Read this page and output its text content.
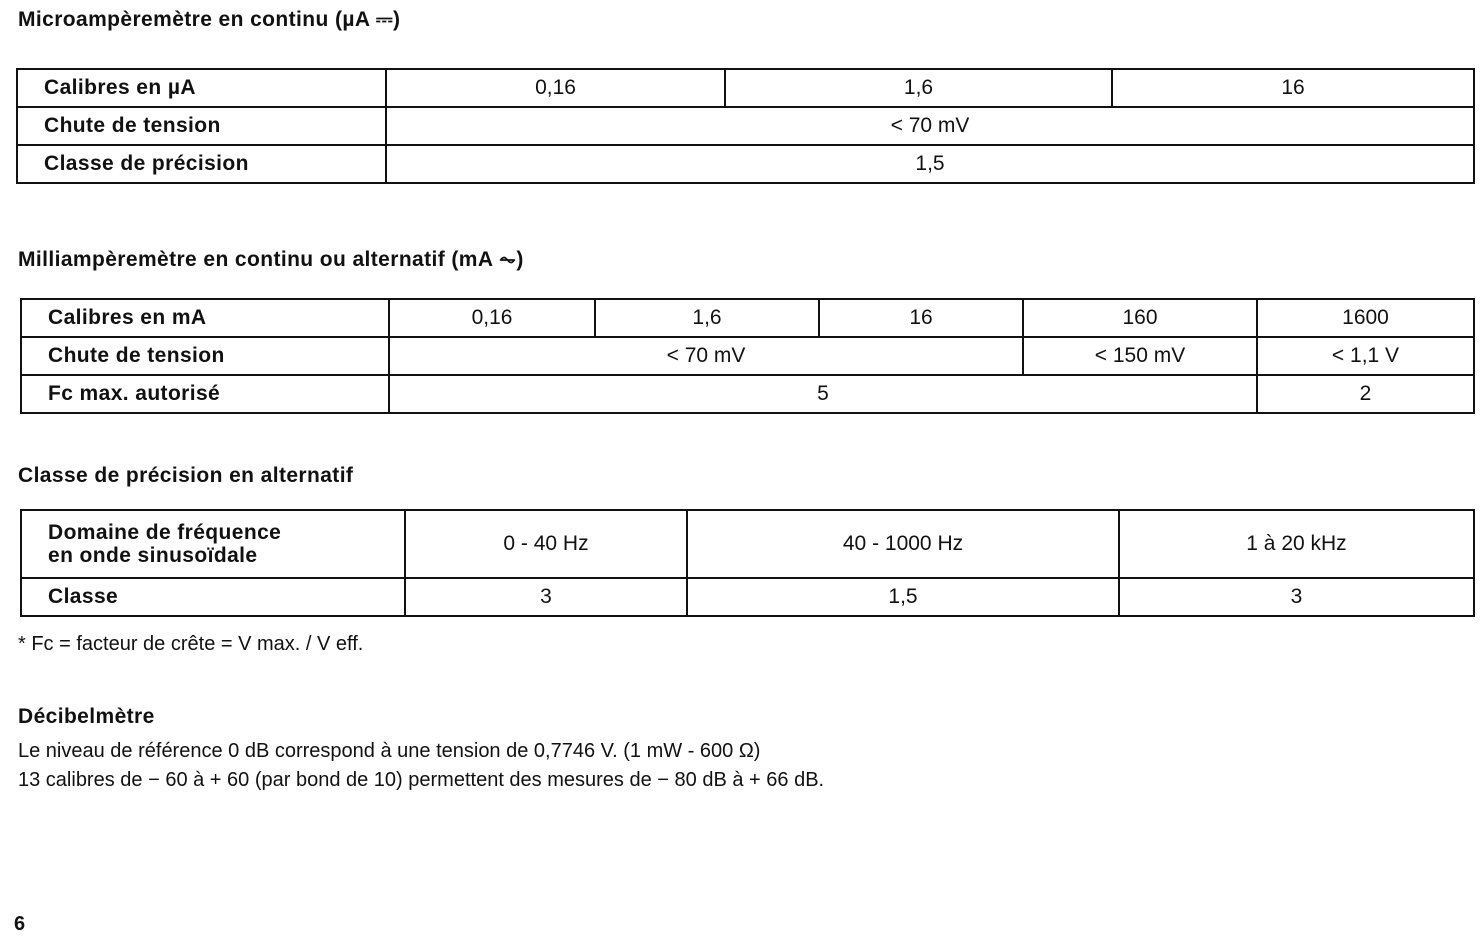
Microampèremètre en continu (µA ⎓)
Calibres en µA	0,16	1,6	16
Chute de tension	< 70 mV		
Classe de précision	1,5		
Milliampèremètre en continu ou alternatif (mA ⏦)
Calibres en mA	0,16	1,6	16	160	1600
Chute de tension	< 70 mV			< 150 mV	< 1,1 V
Fc max. autorisé	5				2
Classe de précision en alternatif
Domaine de fréquence
en onde sinusoïdale	0 - 40 Hz	40 - 1000 Hz	1 à 20 kHz
Classe	3	1,5	3

* Fc = facteur de crête = V max. / V eff.

Décibelmètre

Le niveau de référence 0 dB correspond à une tension de 0,7746 V. (1 mW - 600 Ω)

13 calibres de − 60 à + 60 (par bond de 10) permettent des mesures de − 80 dB à + 66 dB.

6
